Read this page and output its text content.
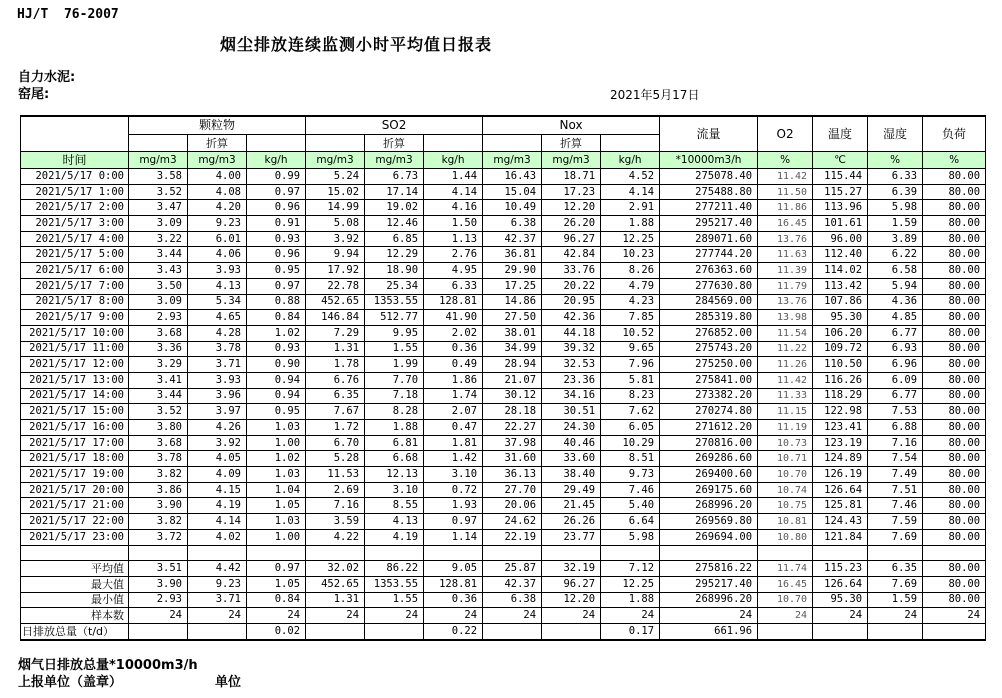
HJ/T  76-2007
烟尘排放连续监测小时平均值日报表
自力水泥:
窑尾:	2021年5月17日
	颗粒物			SO2			Nox			流量	O2	温度	湿度	负荷
		折算			折算			折算						
时间	mg/m3	mg/m3	kg/h	mg/m3	mg/m3	kg/h	mg/m3	mg/m3	kg/h	*10000m3/h	%	℃	%	%
2021/5/17 0:00	3.58	4.00	0.99	5.24	6.73	1.44	16.43	18.71	4.52	275078.40	11.42	115.44	6.33	80.00
2021/5/17 1:00	3.52	4.08	0.97	15.02	17.14	4.14	15.04	17.23	4.14	275488.80	11.50	115.27	6.39	80.00
2021/5/17 2:00	3.47	4.20	0.96	14.99	19.02	4.16	10.49	12.20	2.91	277211.40	11.86	113.96	5.98	80.00
2021/5/17 3:00	3.09	9.23	0.91	5.08	12.46	1.50	6.38	26.20	1.88	295217.40	16.45	101.61	1.59	80.00
2021/5/17 4:00	3.22	6.01	0.93	3.92	6.85	1.13	42.37	96.27	12.25	289071.60	13.76	96.00	3.89	80.00
2021/5/17 5:00	3.44	4.06	0.96	9.94	12.29	2.76	36.81	42.84	10.23	277744.20	11.63	112.40	6.22	80.00
2021/5/17 6:00	3.43	3.93	0.95	17.92	18.90	4.95	29.90	33.76	8.26	276363.60	11.39	114.02	6.58	80.00
2021/5/17 7:00	3.50	4.13	0.97	22.78	25.34	6.33	17.25	20.22	4.79	277630.80	11.79	113.42	5.94	80.00
2021/5/17 8:00	3.09	5.34	0.88	452.65	1353.55	128.81	14.86	20.95	4.23	284569.00	13.76	107.86	4.36	80.00
2021/5/17 9:00	2.93	4.65	0.84	146.84	512.77	41.90	27.50	42.36	7.85	285319.80	13.98	95.30	4.85	80.00
2021/5/17 10:00	3.68	4.28	1.02	7.29	9.95	2.02	38.01	44.18	10.52	276852.00	11.54	106.20	6.77	80.00
2021/5/17 11:00	3.36	3.78	0.93	1.31	1.55	0.36	34.99	39.32	9.65	275743.20	11.22	109.72	6.93	80.00
2021/5/17 12:00	3.29	3.71	0.90	1.78	1.99	0.49	28.94	32.53	7.96	275250.00	11.26	110.50	6.96	80.00
2021/5/17 13:00	3.41	3.93	0.94	6.76	7.70	1.86	21.07	23.36	5.81	275841.00	11.42	116.26	6.09	80.00
2021/5/17 14:00	3.44	3.96	0.94	6.35	7.18	1.74	30.12	34.16	8.23	273382.20	11.33	118.29	6.77	80.00
2021/5/17 15:00	3.52	3.97	0.95	7.67	8.28	2.07	28.18	30.51	7.62	270274.80	11.15	122.98	7.53	80.00
2021/5/17 16:00	3.80	4.26	1.03	1.72	1.88	0.47	22.27	24.30	6.05	271612.20	11.19	123.41	6.88	80.00
2021/5/17 17:00	3.68	3.92	1.00	6.70	6.81	1.81	37.98	40.46	10.29	270816.00	10.73	123.19	7.16	80.00
2021/5/17 18:00	3.78	4.05	1.02	5.28	6.68	1.42	31.60	33.60	8.51	269286.60	10.71	124.89	7.54	80.00
2021/5/17 19:00	3.82	4.09	1.03	11.53	12.13	3.10	36.13	38.40	9.73	269400.60	10.70	126.19	7.49	80.00
2021/5/17 20:00	3.86	4.15	1.04	2.69	3.10	0.72	27.70	29.49	7.46	269175.60	10.74	126.64	7.51	80.00
2021/5/17 21:00	3.90	4.19	1.05	7.16	8.55	1.93	20.06	21.45	5.40	268996.20	10.75	125.81	7.46	80.00
2021/5/17 22:00	3.82	4.14	1.03	3.59	4.13	0.97	24.62	26.26	6.64	269569.80	10.81	124.43	7.59	80.00
2021/5/17 23:00	3.72	4.02	1.00	4.22	4.19	1.14	22.19	23.77	5.98	269694.00	10.80	121.84	7.69	80.00

平均值	3.51	4.42	0.97	32.02	86.22	9.05	25.87	32.19	7.12	275816.22	11.74	115.23	6.35	80.00
最大值	3.90	9.23	1.05	452.65	1353.55	128.81	42.37	96.27	12.25	295217.40	16.45	126.64	7.69	80.00
最小值	2.93	3.71	0.84	1.31	1.55	0.36	6.38	12.20	1.88	268996.20	10.70	95.30	1.59	80.00
样本数	24	24	24	24	24	24	24	24	24	24	24	24	24	24
日排放总量（t/d）			0.02			0.22			0.17	661.96				
烟气日排放总量*10000m3/h
上报单位（盖章）	单位
